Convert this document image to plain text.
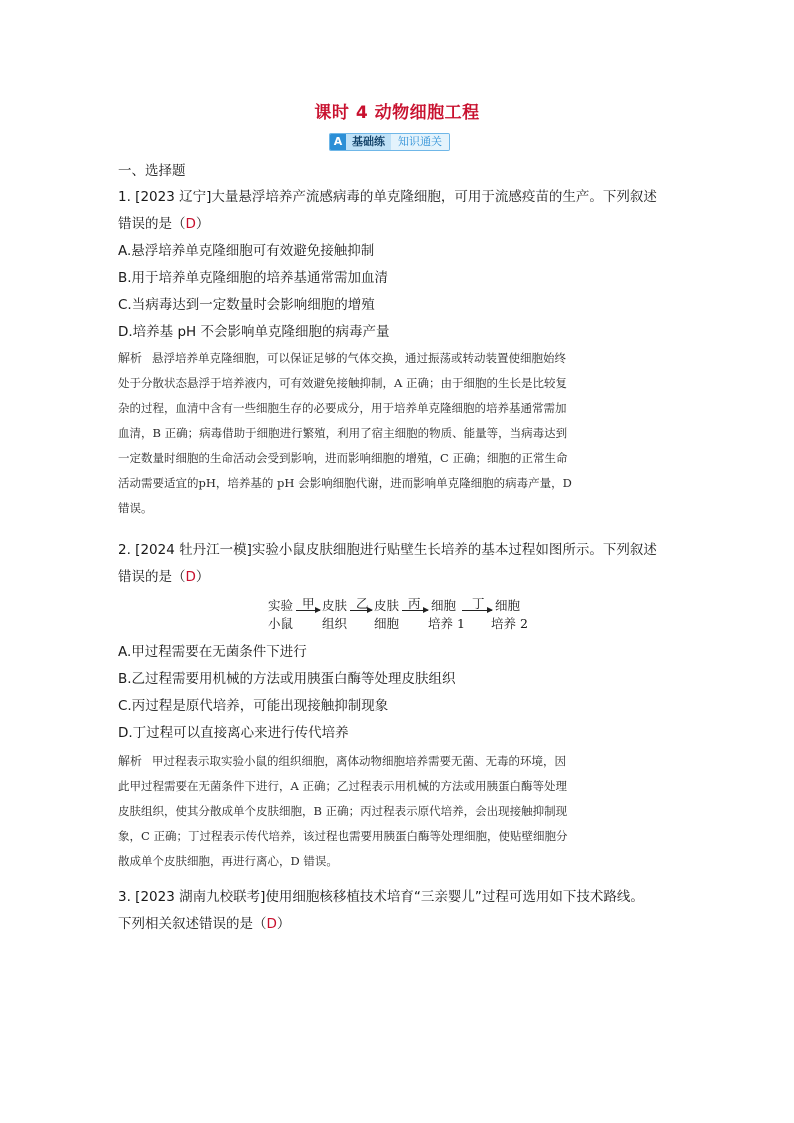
课时 4 动物细胞工程
A 基础练	知识通关
一、选择题
1. [2023 辽宁]大量悬浮培养产流感病毒的单克隆细胞，可用于流感疫苗的生产。下列叙述
错误的是（D）
A.悬浮培养单克隆细胞可有效避免接触抑制
B.用于培养单克隆细胞的培养基通常需加血清
C.当病毒达到一定数量时会影响细胞的增殖
D.培养基 pH 不会影响单克隆细胞的病毒产量
解析 悬浮培养单克隆细胞，可以保证足够的气体交换，通过振荡或转动装置使细胞始终
处于分散状态悬浮于培养液内，可有效避免接触抑制，A 正确；由于细胞的生长是比较复
杂的过程，血清中含有一些细胞生存的必要成分，用于培养单克隆细胞的培养基通常需加
血清，B 正确；病毒借助于细胞进行繁殖，利用了宿主细胞的物质、能量等，当病毒达到
一定数量时细胞的生命活动会受到影响，进而影响细胞的增殖，C 正确；细胞的正常生命
活动需要适宜的pH，培养基的 pH 会影响细胞代谢，进而影响单克隆细胞的病毒产量，D
错误。
2. [2024 牡丹江一模]实验小鼠皮肤细胞进行贴壁生长培养的基本过程如图所示。下列叙述
错误的是（D）
实验
小鼠
甲 皮肤
组织
乙 皮肤
细胞
丙 细胞
培养 1
丁 细胞
培养 2
A.甲过程需要在无菌条件下进行
B.乙过程需要用机械的方法或用胰蛋白酶等处理皮肤组织
C.丙过程是原代培养，可能出现接触抑制现象
D.丁过程可以直接离心来进行传代培养
解析 甲过程表示取实验小鼠的组织细胞，离体动物细胞培养需要无菌、无毒的环境，因
此甲过程需要在无菌条件下进行，A 正确；乙过程表示用机械的方法或用胰蛋白酶等处理
皮肤组织，使其分散成单个皮肤细胞，B 正确；丙过程表示原代培养，会出现接触抑制现
象，C 正确；丁过程表示传代培养，该过程也需要用胰蛋白酶等处理细胞，使贴壁细胞分
散成单个皮肤细胞，再进行离心，D 错误。
3. [2023 湖南九校联考]使用细胞核移植技术培育“三亲婴儿”过程可选用如下技术路线。
下列相关叙述错误的是（D）
